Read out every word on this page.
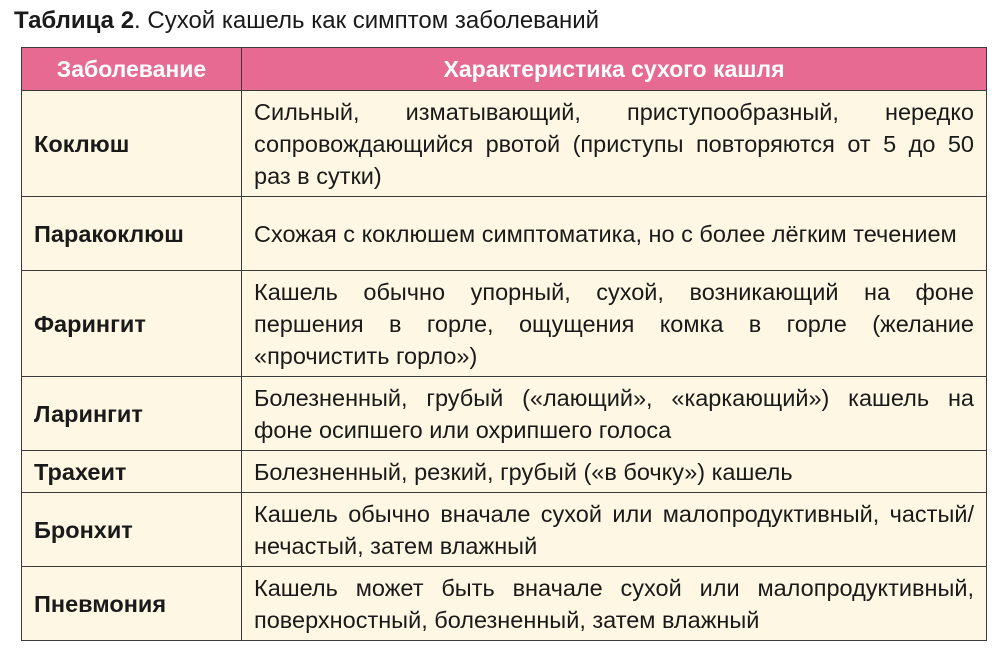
Таблица 2. Сухой кашель как симптом заболеваний
Заболевание	Характеристика сухого кашля
Коклюш	Сильный, изматывающий, приступообразный, нередко сопровождающийся рвотой (приступы повторяются от 5 до 50 раз в сутки)
Паракоклюш	Схожая с коклюшем симптоматика, но с более лёгким течением
Фарингит	Кашель обычно упорный, сухой, возникающий на фоне першения в горле, ощущения комка в горле (желание «прочистить горло»)
Ларингит	Болезненный, грубый («лающий», «каркающий») кашель на фоне осипшего или охрипшего голоса
Трахеит	Болезненный, резкий, грубый («в бочку») кашель
Бронхит	Кашель обычно вначале сухой или малопродуктивный, частый/нечастый, затем влажный
Пневмония	Кашель может быть вначале сухой или малопродуктивный, поверхностный, болезненный, затем влажный
